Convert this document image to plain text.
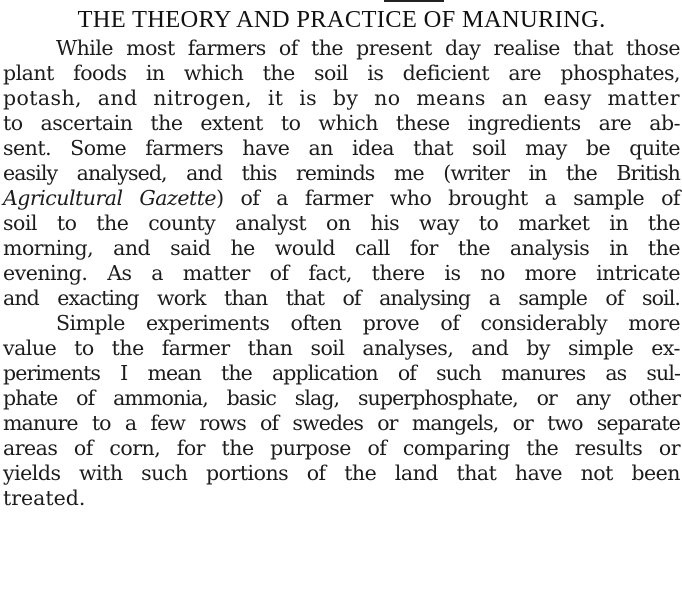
THE THEORY AND PRACTICE OF MANURING.
While most farmers of the present day realise that those
plant foods in which the soil is deficient are phosphates,
potash, and nitrogen, it is by no means an easy matter
to ascertain the extent to which these ingredients are ab-
sent. Some farmers have an idea that soil may be quite
easily analysed, and this reminds me (writer in the British
Agricultural Gazette) of a farmer who brought a sample of
soil to the county analyst on his way to market in the
morning, and said he would call for the analysis in the
evening. As a matter of fact, there is no more intricate
and exacting work than that of analysing a sample of soil.
Simple experiments often prove of considerably more
value to the farmer than soil analyses, and by simple ex-
periments I mean the application of such manures as sul-
phate of ammonia, basic slag, superphosphate, or any other
manure to a few rows of swedes or mangels, or two separate
areas of corn, for the purpose of comparing the results or
yields with such portions of the land that have not been
treated.
